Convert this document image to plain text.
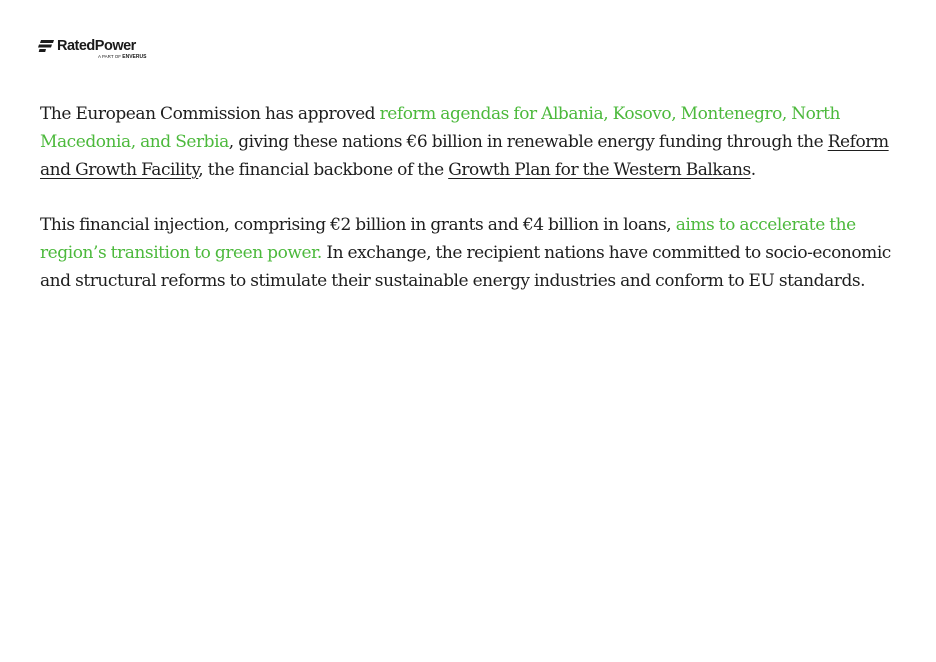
RatedPower
A PART OF ENVERUS

The European Commission has approved reform agendas for Albania, Kosovo, Montenegro, North Macedonia, and Serbia, giving these nations €6 billion in renewable energy funding through the Reform and Growth Facility, the financial backbone of the Growth Plan for the Western Balkans.

This financial injection, comprising €2 billion in grants and €4 billion in loans, aims to accelerate the region’s transition to green power. In exchange, the recipient nations have committed to socio-economic and structural reforms to stimulate their sustainable energy industries and conform to EU standards.
